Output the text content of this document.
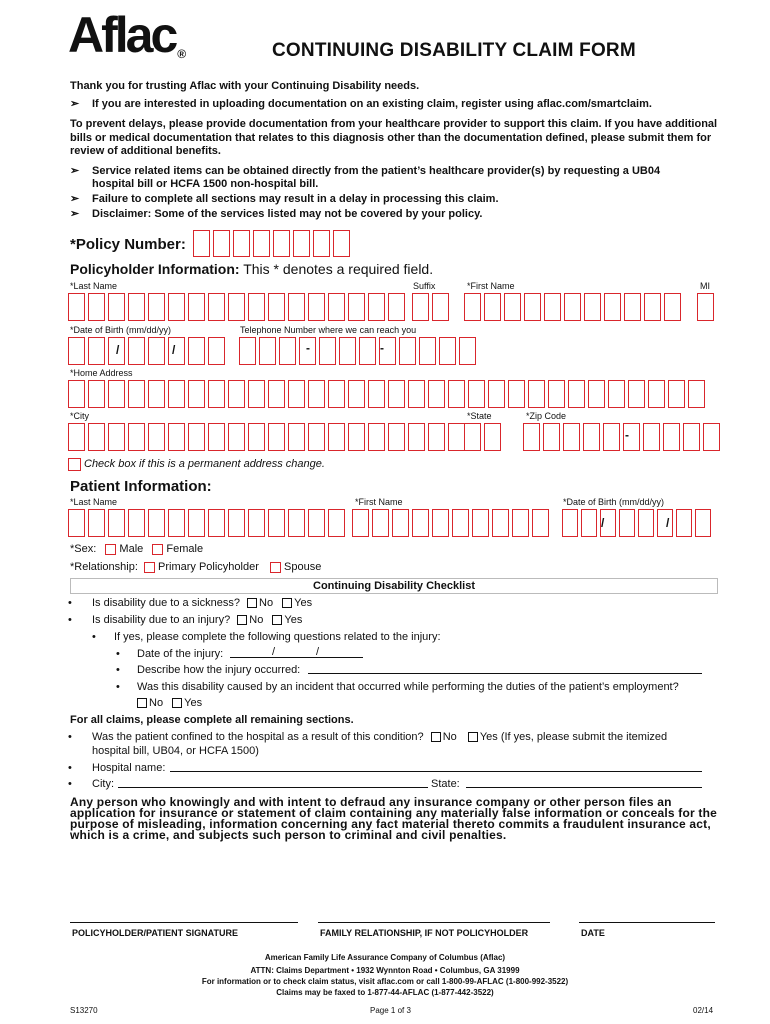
Aflac ®	CONTINUING DISABILITY CLAIM FORM
Thank you for trusting Aflac with your Continuing Disability needs.
➢ If you are interested in uploading documentation on an existing claim, register using aflac.com/smartclaim.
To prevent delays, please provide documentation from your healthcare provider to support this claim. If you have additional bills or medical documentation that relates to this diagnosis other than the documentation defined, please submit them for review of additional benefits.
➢ Service related items can be obtained directly from the patient’s healthcare provider(s) by requesting a UB04 hospital bill or HCFA 1500 non-hospital bill.
➢ Failure to complete all sections may result in a delay in processing this claim.
➢ Disclaimer: Some of the services listed may not be covered by your policy.
*Policy Number:
Policyholder Information: This * denotes a required field.
*Last Name	Suffix	*First Name	MI
*Date of Birth (mm/dd/yy)	Telephone Number where we can reach you
/	/	-	-
*Home Address
*City	*State	*Zip Code
-
Check box if this is a permanent address change.
Patient Information:
*Last Name	*First Name	*Date of Birth (mm/dd/yy)
/	/
*Sex: Male Female
*Relationship: Primary Policyholder Spouse
Continuing Disability Checklist
• Is disability due to a sickness? No Yes
• Is disability due to an injury? No Yes
• If yes, please complete the following questions related to the injury:
• Date of the injury:	/	/
• Describe how the injury occurred:
• Was this disability caused by an incident that occurred while performing the duties of the patient’s employment?
No Yes
For all claims, please complete all remaining sections.
• Was the patient confined to the hospital as a result of this condition? No Yes (If yes, please submit the itemized
hospital bill, UB04, or HCFA 1500)
• Hospital name:
• City:	State:
Any person who knowingly and with intent to defraud any insurance company or other person files an application for insurance or statement of claim containing any materially false information or conceals for the purpose of misleading, information concerning any fact material thereto commits a fraudulent insurance act, which is a crime, and subjects such person to criminal and civil penalties.
POLICYHOLDER/PATIENT SIGNATURE	FAMILY RELATIONSHIP, IF NOT POLICYHOLDER	DATE
American Family Life Assurance Company of Columbus (Aflac)
ATTN: Claims Department • 1932 Wynnton Road • Columbus, GA 31999
For information or to check claim status, visit aflac.com or call 1-800-99-AFLAC (1-800-992-3522)
Claims may be faxed to 1-877-44-AFLAC (1-877-442-3522)
S13270	Page 1 of 3	02/14
